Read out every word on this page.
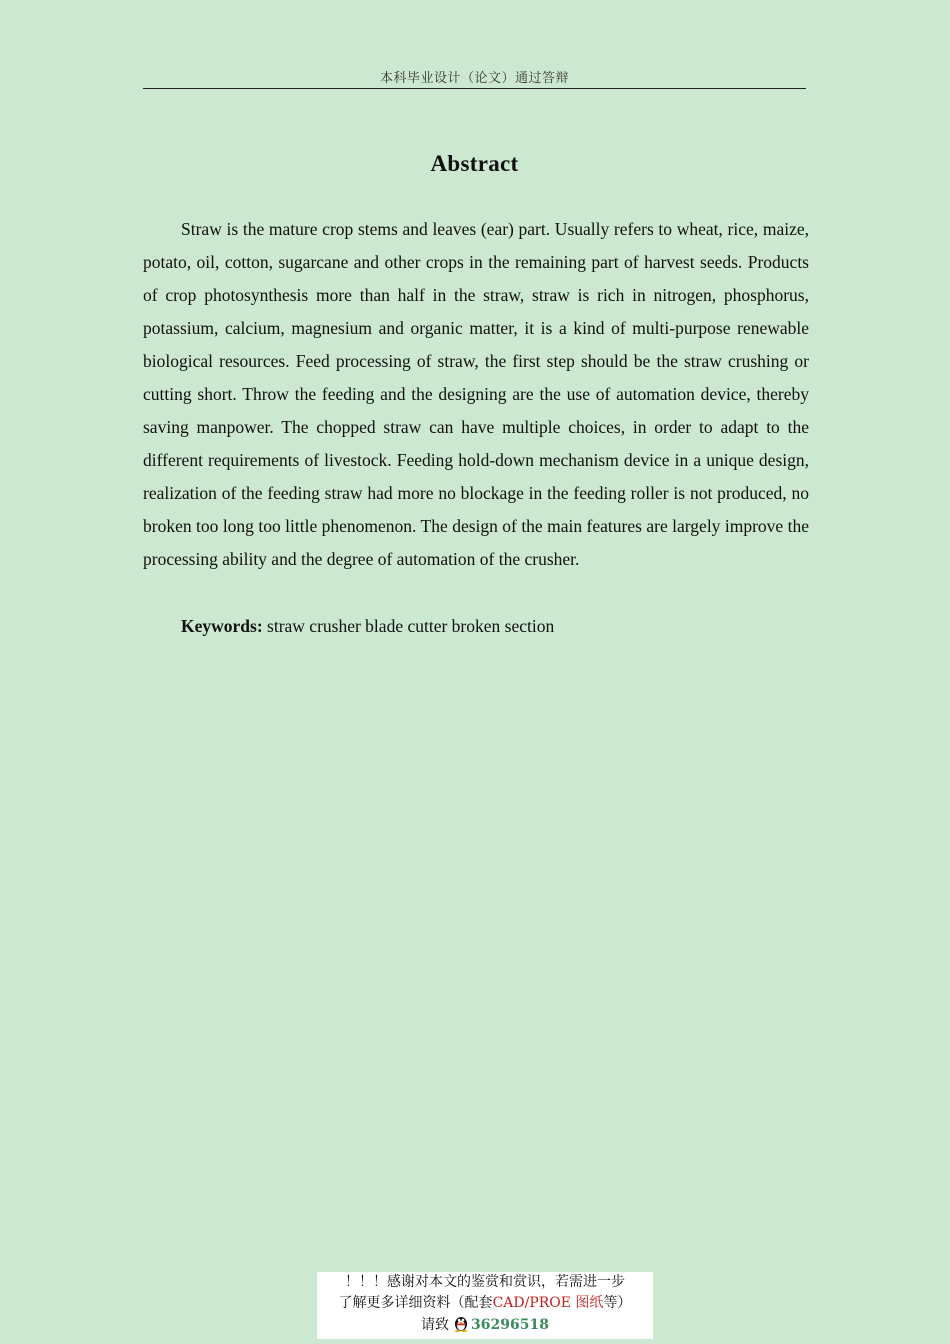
本科毕业设计（论文）通过答辩
Abstract
Straw is the mature crop stems and leaves (ear) part. Usually refers to wheat, rice, maize, potato, oil, cotton, sugarcane and other crops in the remaining part of harvest seeds. Products of crop photosynthesis more than half in the straw, straw is rich in nitrogen, phosphorus, potassium, calcium, magnesium and organic matter, it is a kind of multi-purpose renewable biological resources. Feed processing of straw, the first step should be the straw crushing or cutting short. Throw the feeding and the designing are the use of automation device, thereby saving manpower. The chopped straw can have multiple choices, in order to adapt to the different requirements of livestock. Feeding hold-down mechanism device in a unique design, realization of the feeding straw had more no blockage in the feeding roller is not produced, no broken too long too little phenomenon. The design of the main features are largely improve the processing ability and the degree of automation of the crusher.
Keywords: straw crusher blade cutter broken section
！！！感谢对本文的鉴赏和赏识，若需进一步
了解更多详细资料（配套CAD/PROE 图纸等）
请致 36296518
